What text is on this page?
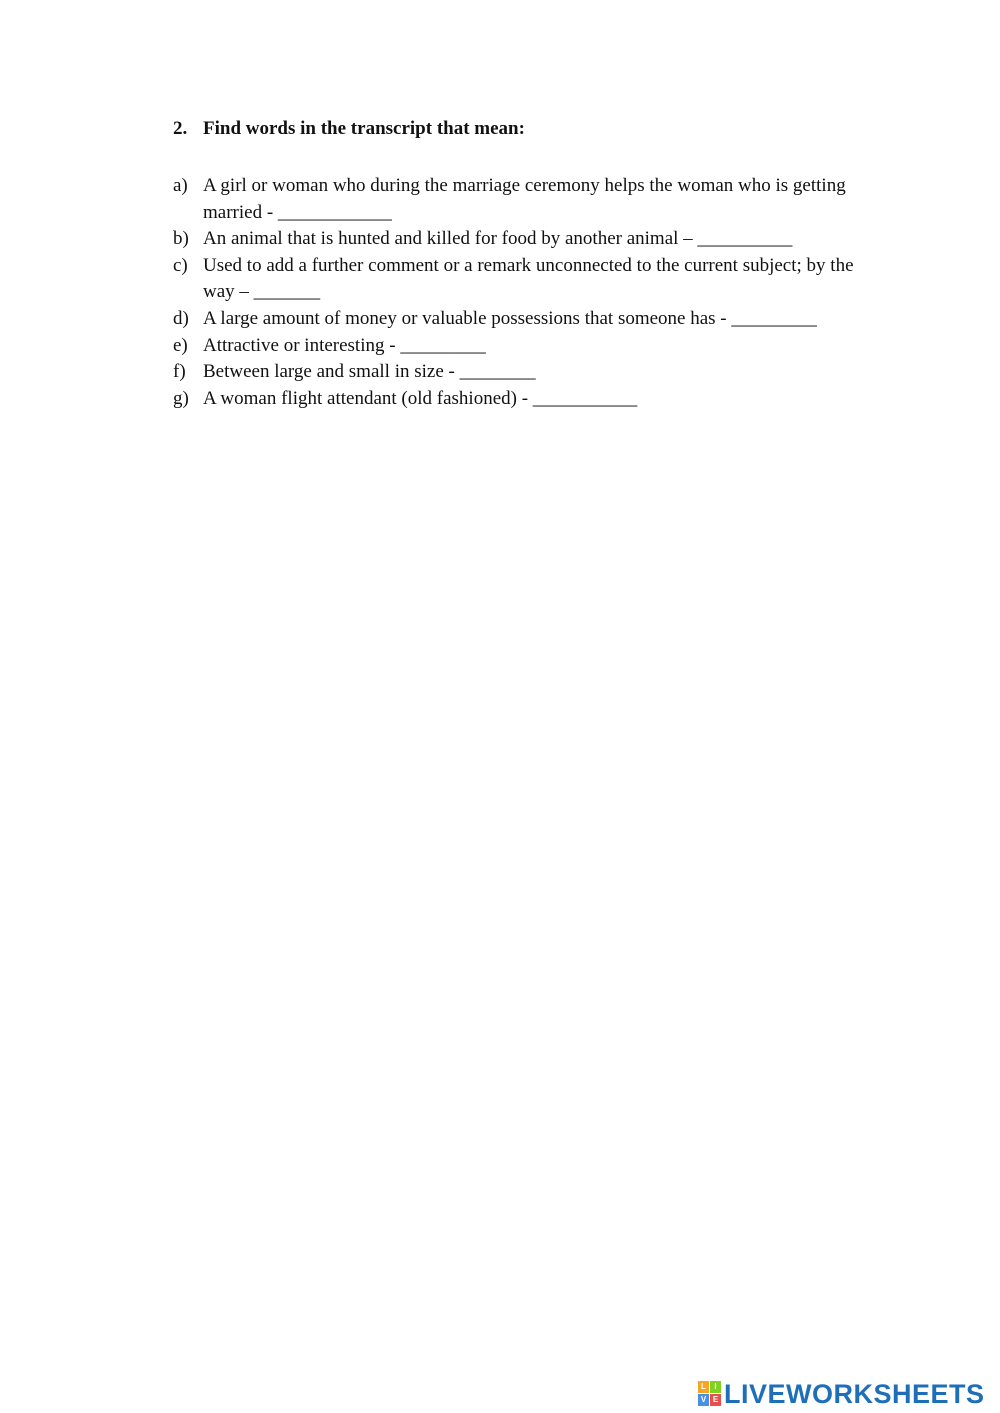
2. Find words in the transcript that mean:
a) A girl or woman who during the marriage ceremony helps the woman who is getting married - ____________
b) An animal that is hunted and killed for food by another animal – __________
c) Used to add a further comment or a remark unconnected to the current subject; by the way – _______
d) A large amount of money or valuable possessions that someone has - _________
e) Attractive or interesting - _________
f) Between large and small in size - ________
g) A woman flight attendant (old fashioned) - ___________
L	I
V E LIVEWORKSHEETS
